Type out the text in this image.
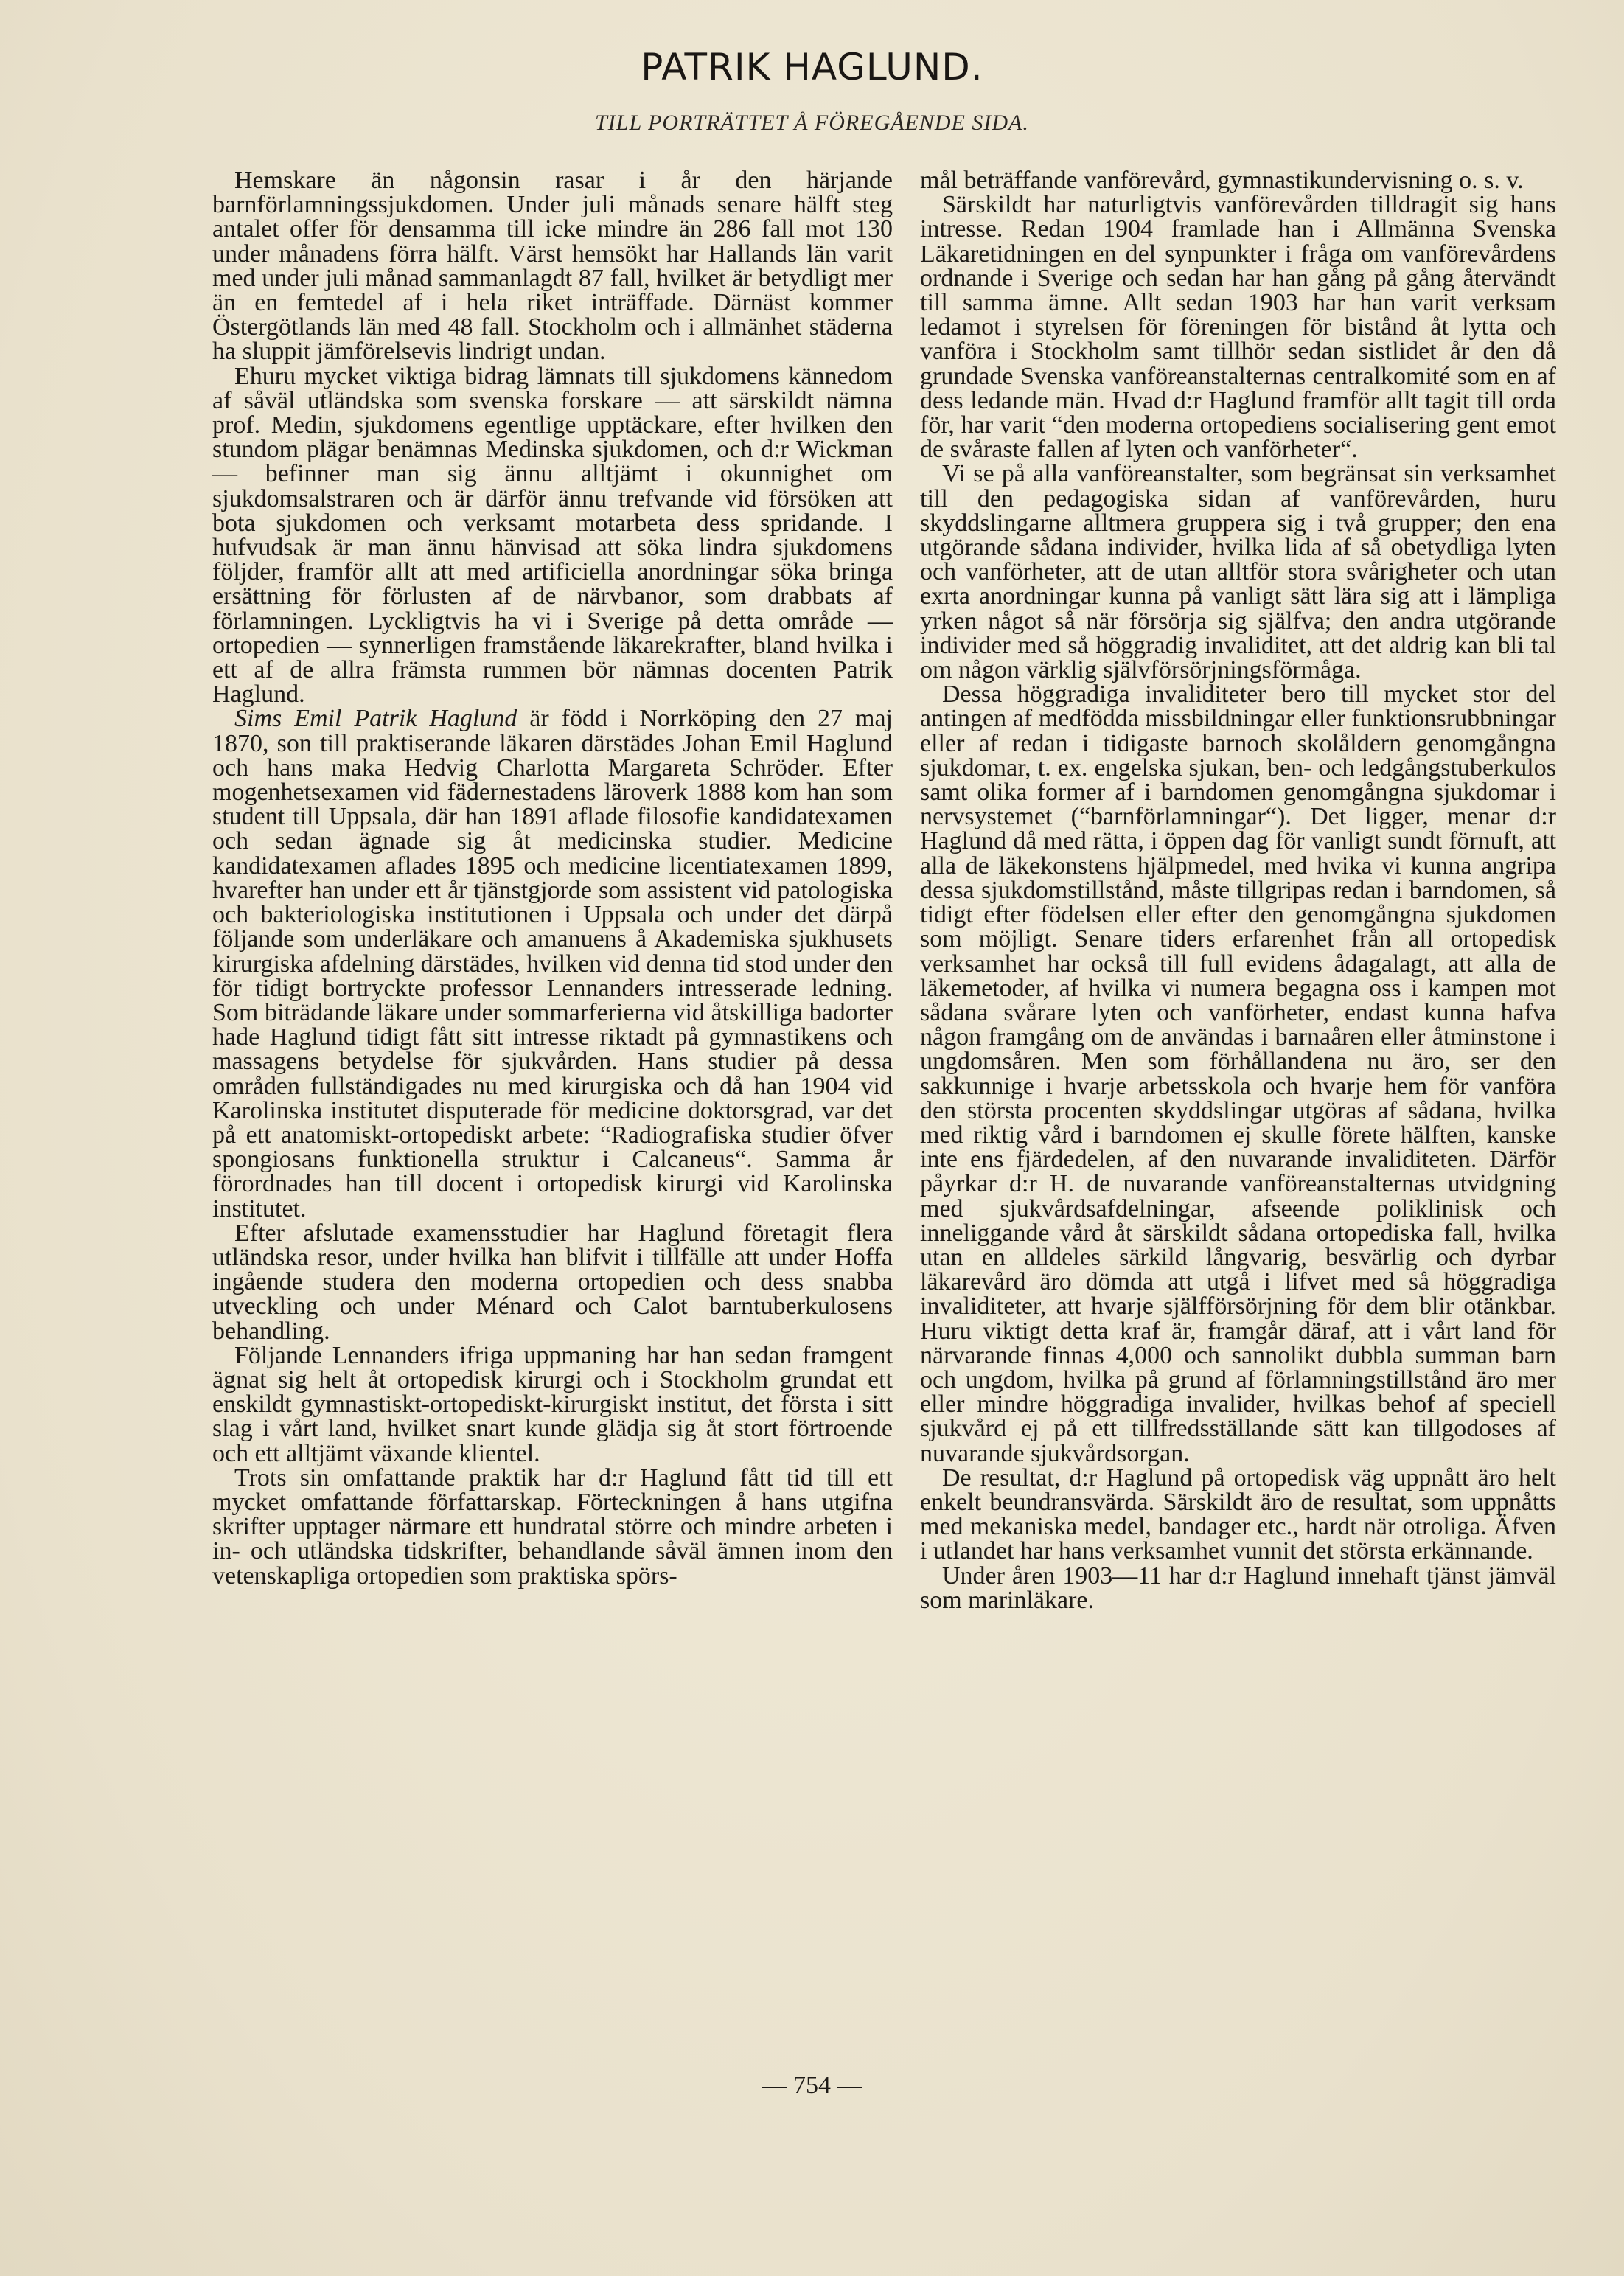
PATRIK HAGLUND.
TILL PORTRÄTTET Å FÖREGÅENDE SIDA.

Hemskare än någonsin rasar i år den härjande barnförlamningssjukdomen. Under juli månads senare hälft steg antalet offer för densamma till icke mindre än 286 fall mot 130 under månadens förra hälft. Värst hemsökt har Hallands län varit med under juli månad sammanlagdt 87 fall, hvilket är betydligt mer än en femtedel af i hela riket inträffade. Därnäst kommer Östergötlands län med 48 fall. Stockholm och i allmänhet städerna ha sluppit jämförelsevis lindrigt undan.

Ehuru mycket viktiga bidrag lämnats till sjukdomens kännedom af såväl utländska som svenska forskare — att särskildt nämna prof. Medin, sjukdomens egentlige upptäckare, efter hvilken den stundom plägar benämnas Medinska sjukdomen, och d:r Wickman — befinner man sig ännu alltjämt i okunnighet om sjukdomsalstraren och är därför ännu trefvande vid försöken att bota sjukdomen och verksamt motarbeta dess spridande. I hufvudsak är man ännu hänvisad att söka lindra sjukdomens följder, framför allt att med artificiella anordningar söka bringa ersättning för förlusten af de närvbanor, som drabbats af förlamningen. Lyckligtvis ha vi i Sverige på detta område — ortopedien — synnerligen framstående läkarekrafter, bland hvilka i ett af de allra främsta rummen bör nämnas docenten Patrik Haglund.

Sims Emil Patrik Haglund är född i Norrköping den 27 maj 1870, son till praktiserande läkaren därstädes Johan Emil Haglund och hans maka Hedvig Charlotta Margareta Schröder. Efter mogenhetsexamen vid fädernestadens läroverk 1888 kom han som student till Uppsala, där han 1891 aflade filosofie kandidatexamen och sedan ägnade sig åt medicinska studier. Medicine kandidatexamen aflades 1895 och medicine licentiatexamen 1899, hvarefter han under ett år tjänstgjorde som assistent vid patologiska och bakteriologiska institutionen i Uppsala och under det därpå följande som underläkare och amanuens å Akademiska sjukhusets kirurgiska afdelning därstädes, hvilken vid denna tid stod under den för tidigt bortryckte professor Lennanders intresserade ledning. Som biträdande läkare under sommarferierna vid åtskilliga badorter hade Haglund tidigt fått sitt intresse riktadt på gymnastikens och massagens betydelse för sjukvården. Hans studier på dessa områden fullständigades nu med kirurgiska och då han 1904 vid Karolinska institutet disputerade för medicine doktorsgrad, var det på ett anatomiskt-ortopediskt arbete: “Radiografiska studier öfver spongiosans funktionella struktur i Calcaneus“. Samma år förordnades han till docent i ortopedisk kirurgi vid Karolinska institutet.

Efter afslutade examensstudier har Haglund företagit flera utländska resor, under hvilka han blifvit i tillfälle att under Hoffa ingående studera den moderna ortopedien och dess snabba utveckling och under Ménard och Calot barntuberkulosens behandling.

Följande Lennanders ifriga uppmaning har han sedan framgent ägnat sig helt åt ortopedisk kirurgi och i Stockholm grundat ett enskildt gymnastiskt-ortopediskt-kirurgiskt institut, det första i sitt slag i vårt land, hvilket snart kunde glädja sig åt stort förtroende och ett alltjämt växande klientel.

Trots sin omfattande praktik har d:r Haglund fått tid till ett mycket omfattande författarskap. Förteckningen å hans utgifna skrifter upptager närmare ett hundratal större och mindre arbeten i in- och utländska tidskrifter, behandlande såväl ämnen inom den vetenskapliga ortopedien som praktiska spörs-

mål beträffande vanförevård, gymnastikundervisning o. s. v.

Särskildt har naturligtvis vanförevården tilldragit sig hans intresse. Redan 1904 framlade han i Allmänna Svenska Läkaretidningen en del synpunkter i fråga om vanförevårdens ordnande i Sverige och sedan har han gång på gång återvändt till samma ämne. Allt sedan 1903 har han varit verksam ledamot i styrelsen för föreningen för bistånd åt lytta och vanföra i Stockholm samt tillhör sedan sistlidet år den då grundade Svenska vanföreanstalternas centralkomité som en af dess ledande män. Hvad d:r Haglund framför allt tagit till orda för, har varit “den moderna ortopediens socialisering gent emot de svåraste fallen af lyten och vanförheter“.

Vi se på alla vanföreanstalter, som begränsat sin verksamhet till den pedagogiska sidan af vanförevården, huru skyddslingarne alltmera gruppera sig i två grupper; den ena utgörande sådana individer, hvilka lida af så obetydliga lyten och vanförheter, att de utan alltför stora svårigheter och utan exrta anordningar kunna på vanligt sätt lära sig att i lämpliga yrken något så när försörja sig själfva; den andra utgörande individer med så höggradig invaliditet, att det aldrig kan bli tal om någon värklig självförsörjningsförmåga.

Dessa höggradiga invaliditeter bero till mycket stor del antingen af medfödda missbildningar eller funktionsrubbningar eller af redan i tidigaste barnoch skolåldern genomgångna sjukdomar, t. ex. engelska sjukan, ben- och ledgångstuberkulos samt olika former af i barndomen genomgångna sjukdomar i nervsystemet (“barnförlamningar“). Det ligger, menar d:r Haglund då med rätta, i öppen dag för vanligt sundt förnuft, att alla de läkekonstens hjälpmedel, med hvika vi kunna angripa dessa sjukdomstillstånd, måste tillgripas redan i barndomen, så tidigt efter födelsen eller efter den genomgångna sjukdomen som möjligt. Senare tiders erfarenhet från all ortopedisk verksamhet har också till full evidens ådagalagt, att alla de läkemetoder, af hvilka vi numera begagna oss i kampen mot sådana svårare lyten och vanförheter, endast kunna hafva någon framgång om de användas i barnaåren eller åtminstone i ungdomsåren. Men som förhållandena nu äro, ser den sakkunnige i hvarje arbetsskola och hvarje hem för vanföra den största procenten skyddslingar utgöras af sådana, hvilka med riktig vård i barndomen ej skulle förete hälften, kanske inte ens fjärdedelen, af den nuvarande invaliditeten. Därför påyrkar d:r H. de nuvarande vanföreanstalternas utvidgning med sjukvårdsafdelningar, afseende poliklinisk och inneliggande vård åt särskildt sådana ortopediska fall, hvilka utan en alldeles särkild långvarig, besvärlig och dyrbar läkarevård äro dömda att utgå i lifvet med så höggradiga invaliditeter, att hvarje själfförsörjning för dem blir otänkbar. Huru viktigt detta kraf är, framgår däraf, att i vårt land för närvarande finnas 4,000 och sannolikt dubbla summan barn och ungdom, hvilka på grund af förlamningstillstånd äro mer eller mindre höggradiga invalider, hvilkas behof af speciell sjukvård ej på ett tillfredsställande sätt kan tillgodoses af nuvarande sjukvårdsorgan.

De resultat, d:r Haglund på ortopedisk väg uppnått äro helt enkelt beundransvärda. Särskildt äro de resultat, som uppnåtts med mekaniska medel, bandager etc., hardt när otroliga. Äfven i utlandet har hans verksamhet vunnit det största erkännande.

Under åren 1903—11 har d:r Haglund innehaft tjänst jämväl som marinläkare.

— 754 —
